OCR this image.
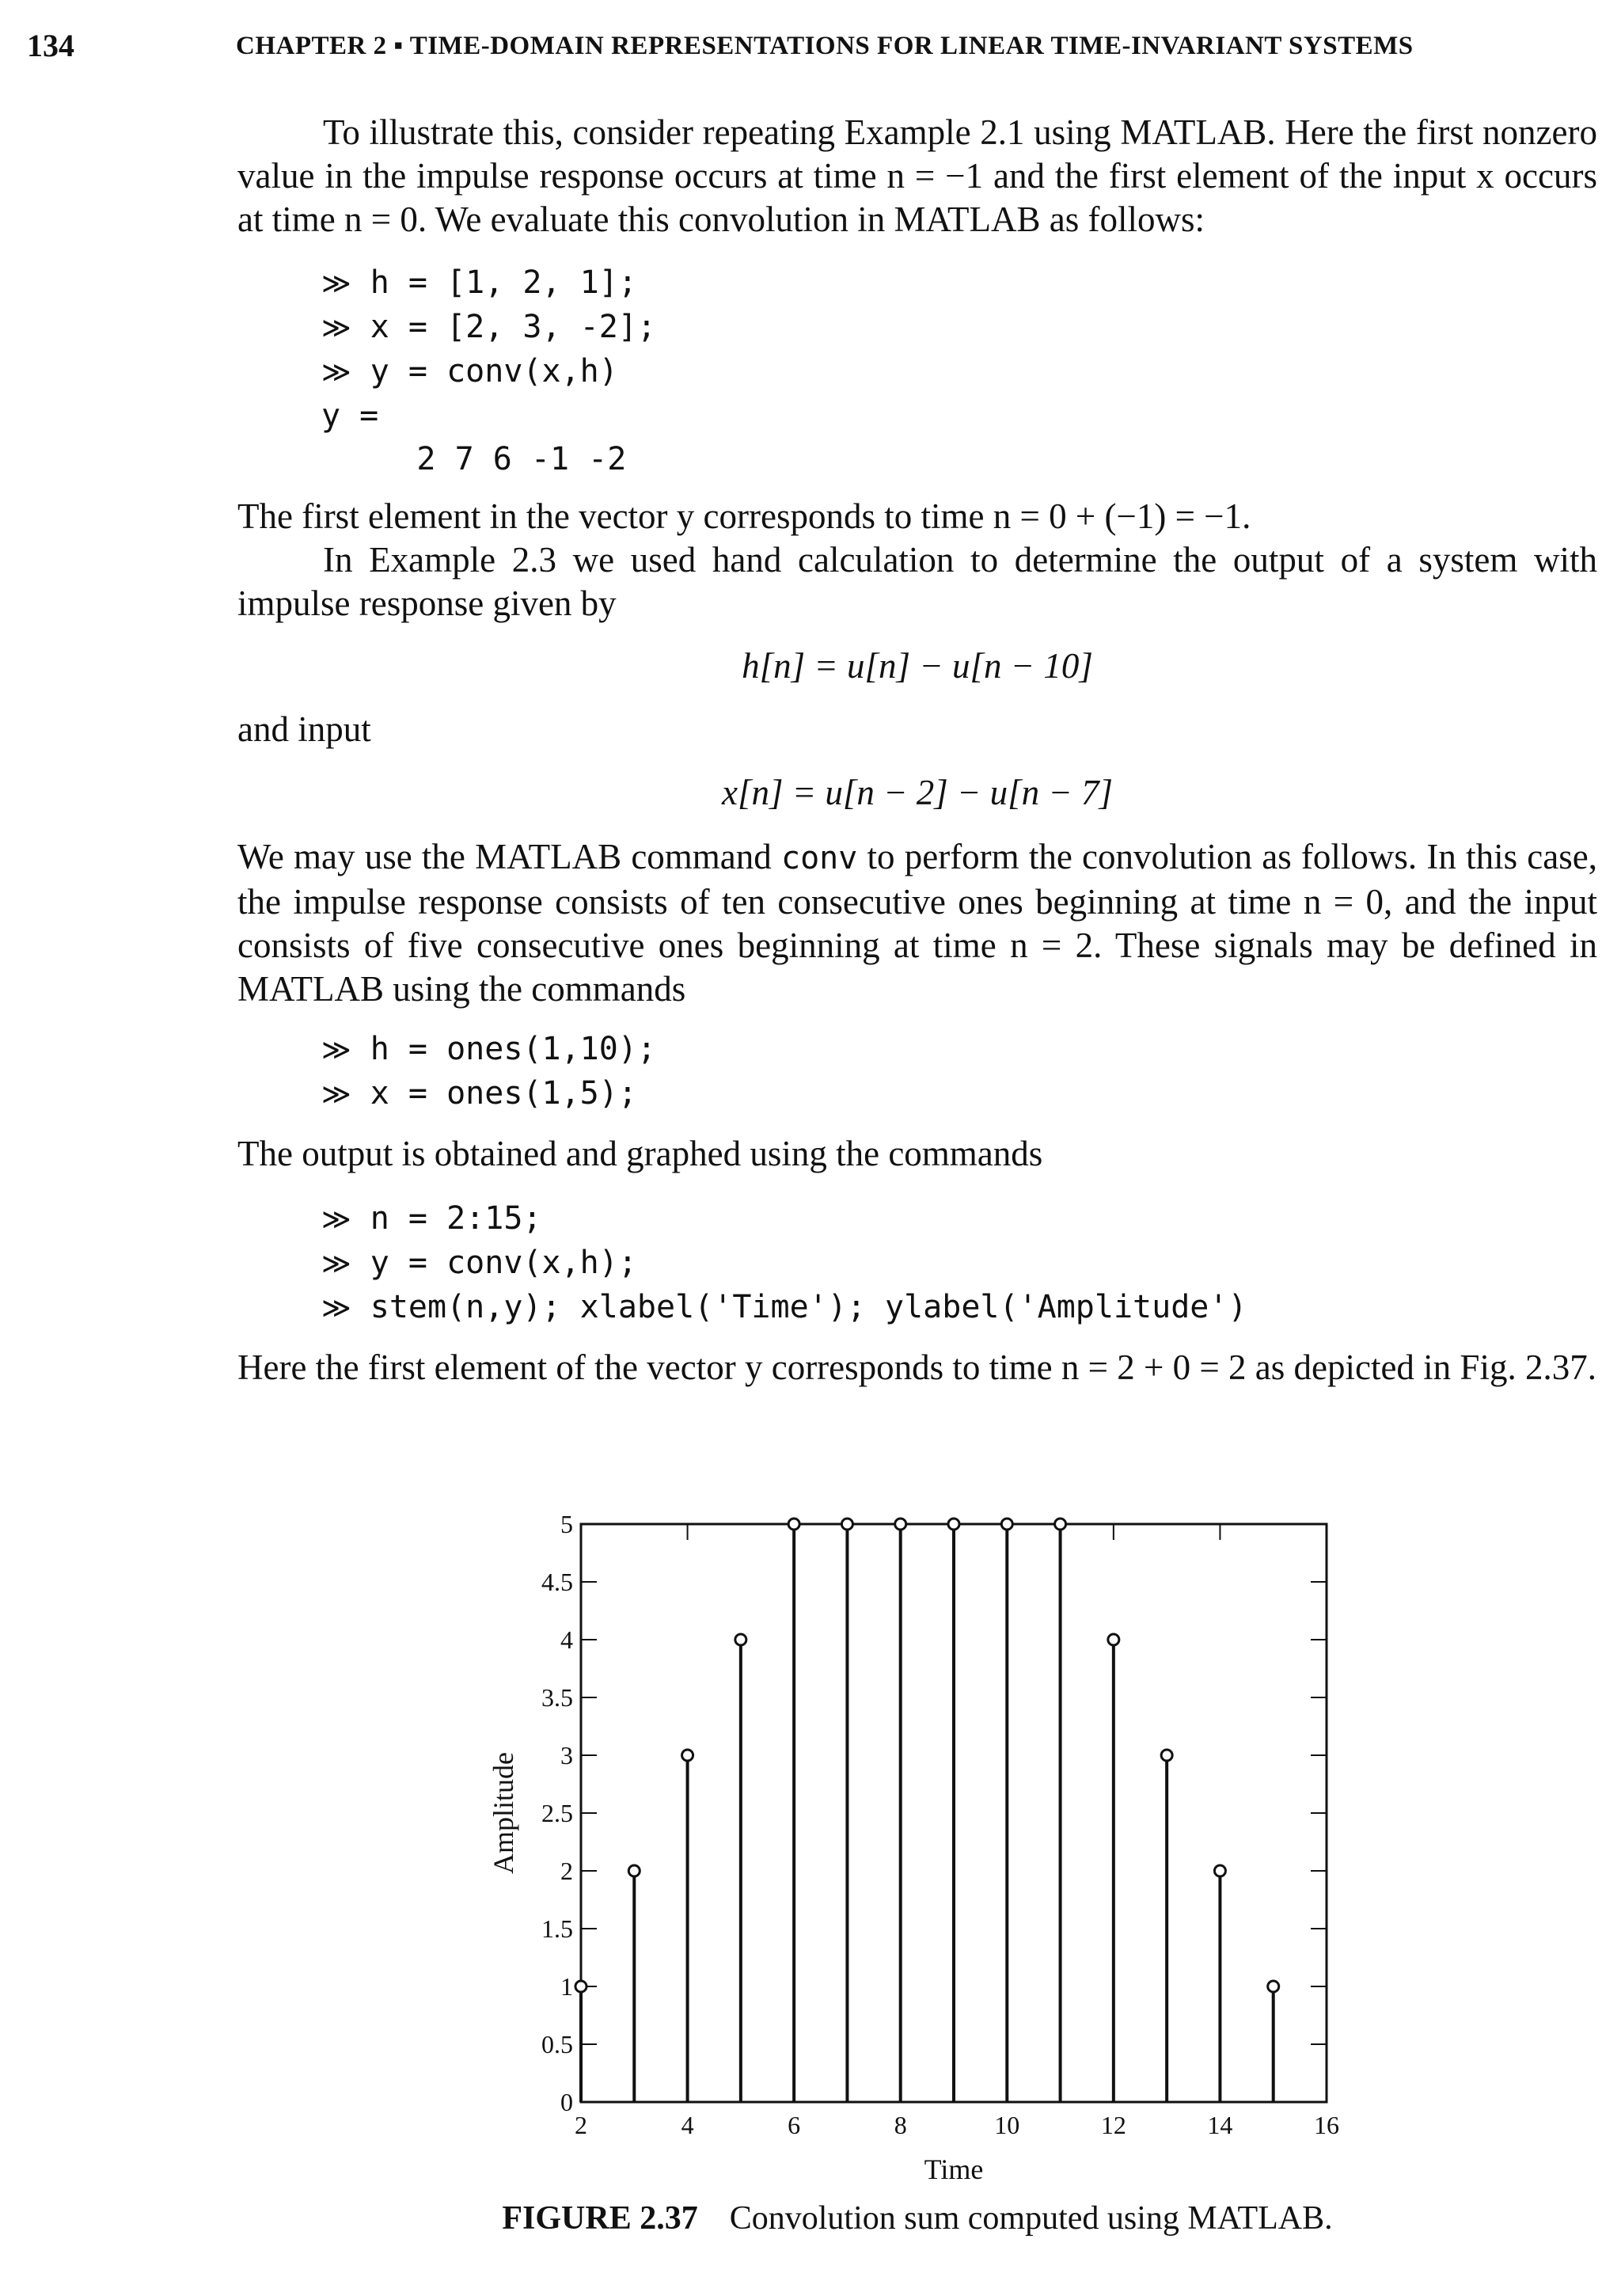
134	CHAPTER 2 ▪ TIME-DOMAIN REPRESENTATIONS FOR LINEAR TIME-INVARIANT SYSTEMS

To illustrate this, consider repeating Example 2.1 using MATLAB. Here the first nonzero value in the impulse response occurs at time n = −1 and the first element of the input x occurs at time n = 0. We evaluate this convolution in MATLAB as follows:

≫ h = [1, 2, 1];
≫ x = [2, 3, -2];
≫ y = conv(x,h)
y =
2 7 6 -1 -2

The first element in the vector y corresponds to time n = 0 + (−1) = −1.

In Example 2.3 we used hand calculation to determine the output of a system with impulse response given by

h[n] = u[n] − u[n − 10]
and input
x[n] = u[n − 2] − u[n − 7]

We may use the MATLAB command conv to perform the convolution as follows. In this case, the impulse response consists of ten consecutive ones beginning at time n = 0, and the input consists of five consecutive ones beginning at time n = 2. These signals may be defined in MATLAB using the commands

≫ h = ones(1,10);
≫ x = ones(1,5);

The output is obtained and graphed using the commands

≫ n = 2:15;
≫ y = conv(x,h);
≫ stem(n,y); xlabel('Time'); ylabel('Amplitude')

Here the first element of the vector y corresponds to time n = 2 + 0 = 2 as depicted in Fig. 2.37.

0
0.5
1
1.5
2
2.5
3
3.5
4
4.5
5
2	4	6	8	10	12	14	16
Time
Amplitude
FIGURE 2.37 Convolution sum computed using MATLAB.
